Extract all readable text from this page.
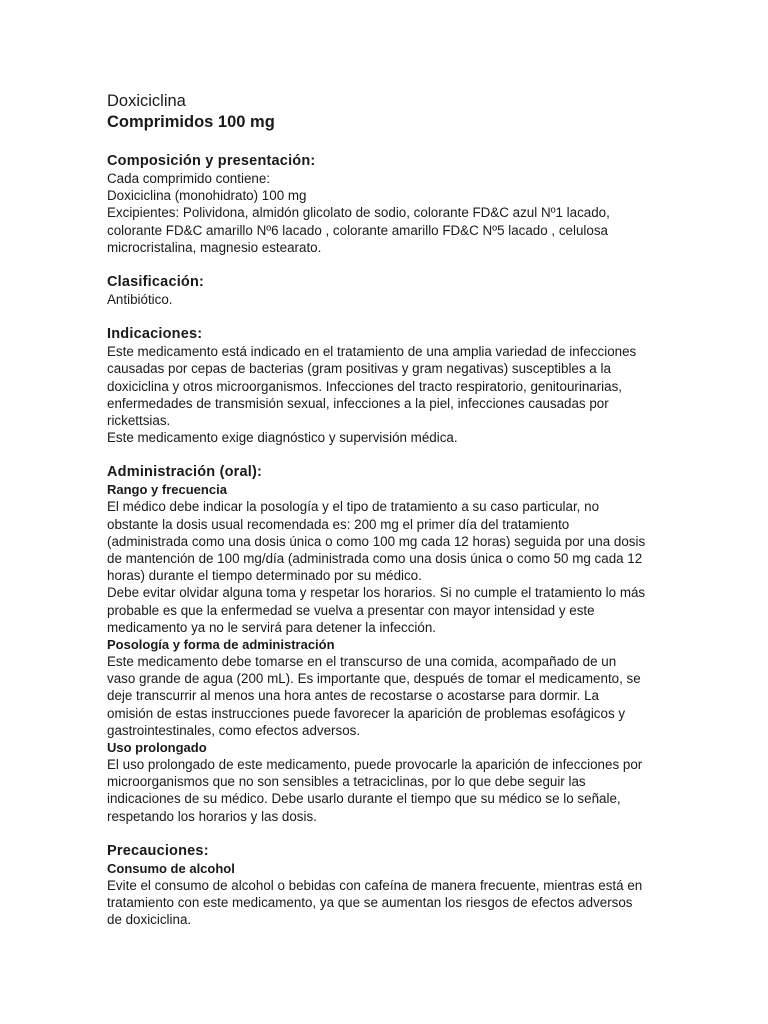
Doxiciclina
Comprimidos 100 mg
Composición y presentación:

Cada comprimido contiene:
Doxiciclina (monohidrato) 100 mg
Excipientes: Polividona, almidón glicolato de sodio, colorante FD&C azul Nº1 lacado,
colorante FD&C amarillo Nº6 lacado , colorante amarillo FD&C Nº5 lacado , celulosa
microcristalina, magnesio estearato.

Clasificación:

Antibiótico.

Indicaciones:

Este medicamento está indicado en el tratamiento de una amplia variedad de infecciones
causadas por cepas de bacterias (gram positivas y gram negativas) susceptibles a la
doxiciclina y otros microorganismos. Infecciones del tracto respiratorio, genitourinarias,
enfermedades de transmisión sexual, infecciones a la piel, infecciones causadas por
rickettsias.
Este medicamento exige diagnóstico y supervisión médica.

Administración (oral):
Rango y frecuencia

El médico debe indicar la posología y el tipo de tratamiento a su caso particular, no
obstante la dosis usual recomendada es: 200 mg el primer día del tratamiento
(administrada como una dosis única o como 100 mg cada 12 horas) seguida por una dosis
de mantención de 100 mg/día (administrada como una dosis única o como 50 mg cada 12
horas) durante el tiempo determinado por su médico.
Debe evitar olvidar alguna toma y respetar los horarios. Si no cumple el tratamiento lo más
probable es que la enfermedad se vuelva a presentar con mayor intensidad y este
medicamento ya no le servirá para detener la infección.

Posología y forma de administración

Este medicamento debe tomarse en el transcurso de una comida, acompañado de un
vaso grande de agua (200 mL). Es importante que, después de tomar el medicamento, se
deje transcurrir al menos una hora antes de recostarse o acostarse para dormir. La
omisión de estas instrucciones puede favorecer la aparición de problemas esofágicos y
gastrointestinales, como efectos adversos.

Uso prolongado

El uso prolongado de este medicamento, puede provocarle la aparición de infecciones por
microorganismos que no son sensibles a tetraciclinas, por lo que debe seguir las
indicaciones de su médico. Debe usarlo durante el tiempo que su médico se lo señale,
respetando los horarios y las dosis.

Precauciones:
Consumo de alcohol

Evite el consumo de alcohol o bebidas con cafeína de manera frecuente, mientras está en
tratamiento con este medicamento, ya que se aumentan los riesgos de efectos adversos
de doxiciclina.
